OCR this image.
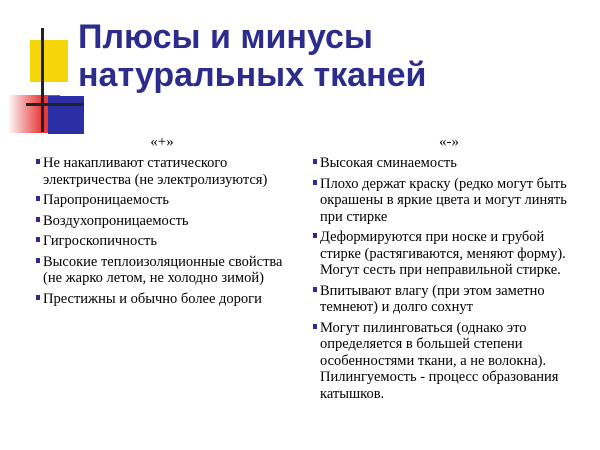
Плюсы и минусы натуральных тканей
«+»
Не накапливают статического электричества (не электролизуются)
Паропроницаемость
Воздухопроницаемость
Гигроскопичность
Высокие теплоизоляционные свойства (не жарко летом, не холодно зимой)
Престижны и обычно более дороги
«-»
Высокая сминаемость
Плохо держат краску (редко могут быть окрашены в яркие цвета и могут линять при стирке
Деформируются при носке и грубой стирке (растягиваются, меняют форму). Могут сесть при неправильной стирке.
Впитывают влагу (при этом заметно темнеют) и долго сохнут
Могут пилинговаться (однако это определяется в большей степени особенностями ткани, а не волокна). Пилингуемость - процесс образования катышков.
